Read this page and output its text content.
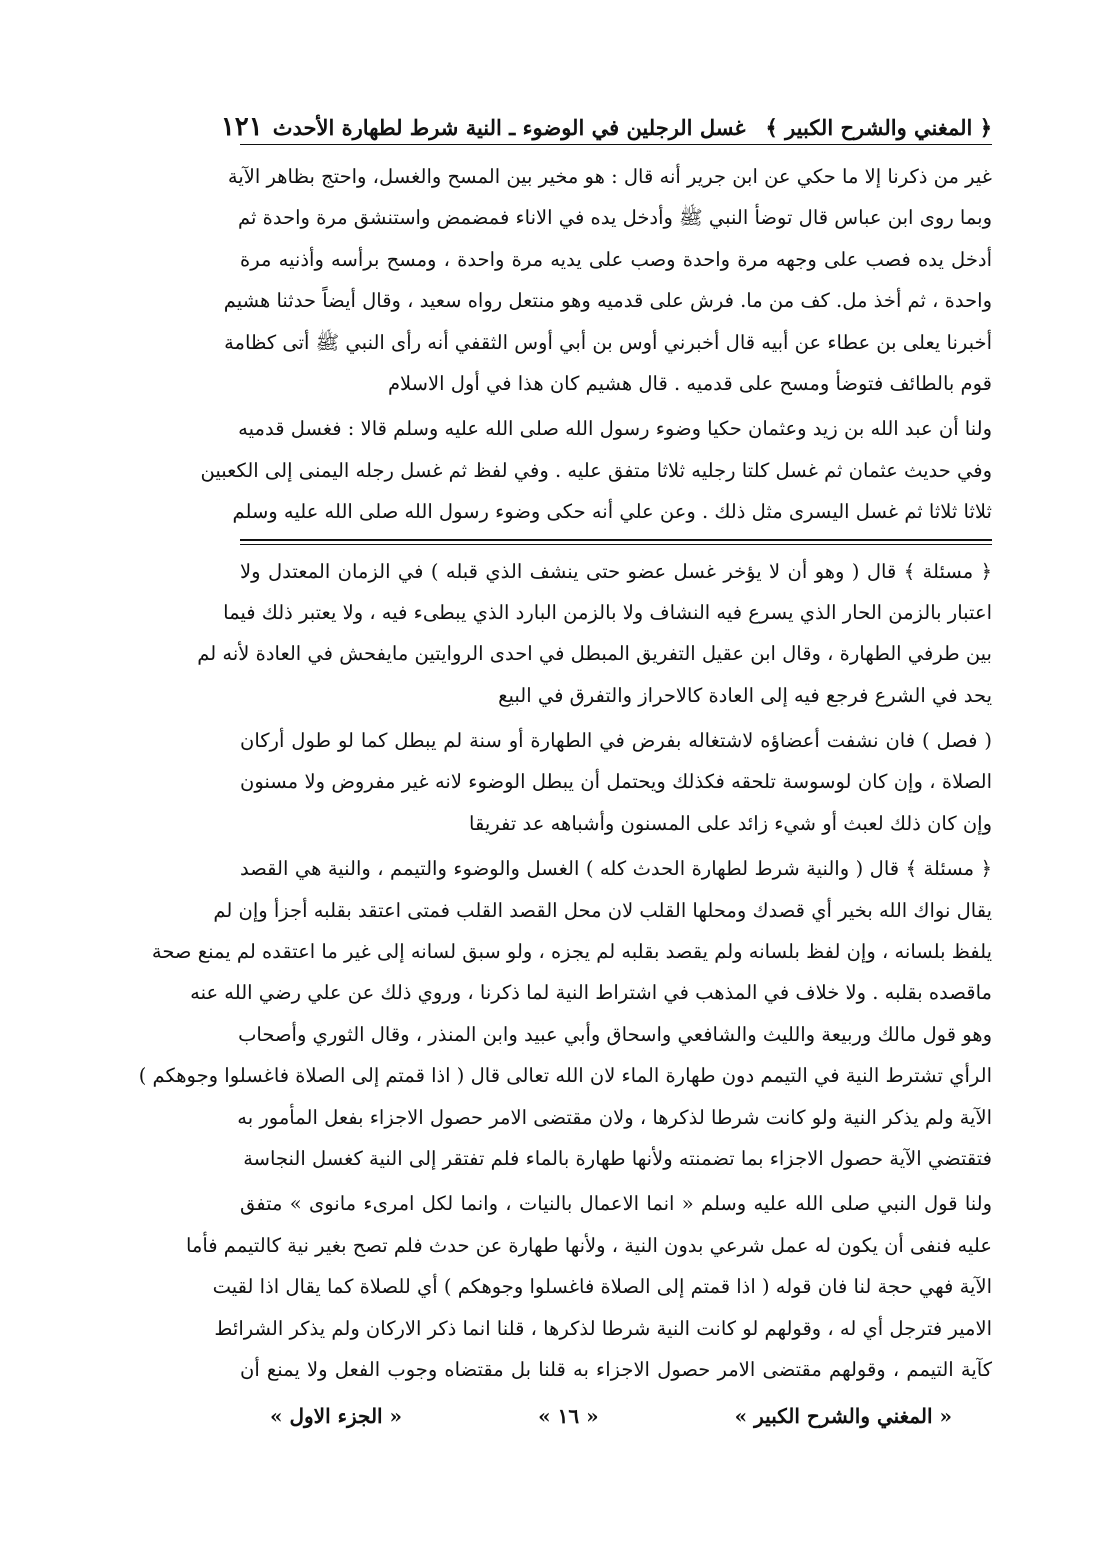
﴿ المغني والشرح الكبير ﴾
غسل الرجلين في الوضوء ـ النية شرط لطهارة الأحدث
١٢١
غير من ذكرنا إلا ما حكي عن ابن جرير أنه قال : هو مخير بين المسح والغسل، واحتج بظاهر الآية
وبما روى ابن عباس قال توضأ النبي ﷺ وأدخل يده في الاناء فمضمض واستنشق مرة واحدة ثم
أدخل يده فصب على وجهه مرة واحدة وصب على يديه مرة واحدة ، ومسح برأسه وأذنيه مرة
واحدة ، ثم أخذ مل. كف من ما. فرش على قدميه وهو منتعل رواه سعيد ، وقال أيضاً حدثنا هشيم
أخبرنا يعلى بن عطاء عن أبيه قال أخبرني أوس بن أبي أوس الثقفي أنه رأى النبي ﷺ أتى كظامة
قوم بالطائف فتوضأ ومسح على قدميه . قال هشيم كان هذا في أول الاسلام
ولنا أن عبد الله بن زيد وعثمان حكيا وضوء رسول الله صلى الله عليه وسلم قالا : فغسل قدميه
وفي حديث عثمان ثم غسل كلتا رجليه ثلاثا متفق عليه . وفي لفظ ثم غسل رجله اليمنى إلى الكعبين
ثلاثا ثلاثا ثم غسل اليسرى مثل ذلك . وعن علي أنه حكى وضوء رسول الله صلى الله عليه وسلم
﴿ مسئلة ﴾ قال ( وهو أن لا يؤخر غسل عضو حتى ينشف الذي قبله ) في الزمان المعتدل ولا
اعتبار بالزمن الحار الذي يسرع فيه النشاف ولا بالزمن البارد الذي يبطىء فيه ، ولا يعتبر ذلك فيما
بين طرفي الطهارة ، وقال ابن عقيل التفريق المبطل في احدى الروايتين مايفحش في العادة لأنه لم
يحد في الشرع فرجع فيه إلى العادة كالاحراز والتفرق في البيع
( فصل ) فان نشفت أعضاؤه لاشتغاله بفرض في الطهارة أو سنة لم يبطل كما لو طول أركان
الصلاة ، وإن كان لوسوسة تلحقه فكذلك ويحتمل أن يبطل الوضوء لانه غير مفروض ولا مسنون
وإن كان ذلك لعبث أو شيء زائد على المسنون وأشباهه عد تفريقا
﴿ مسئلة ﴾ قال ( والنية شرط لطهارة الحدث كله ) الغسل والوضوء والتيمم ، والنية هي القصد
يقال نواك الله بخير أي قصدك ومحلها القلب لان محل القصد القلب فمتى اعتقد بقلبه أجزأ وإن لم
يلفظ بلسانه ، وإن لفظ بلسانه ولم يقصد بقلبه لم يجزه ، ولو سبق لسانه إلى غير ما اعتقده لم يمنع صحة
ماقصده بقلبه . ولا خلاف في المذهب في اشتراط النية لما ذكرنا ، وروي ذلك عن علي رضي الله عنه
وهو قول مالك وربيعة والليث والشافعي واسحاق وأبي عبيد وابن المنذر ، وقال الثوري وأصحاب
الرأي تشترط النية في التيمم دون طهارة الماء لان الله تعالى قال ( اذا قمتم إلى الصلاة فاغسلوا وجوهكم )
الآية ولم يذكر النية ولو كانت شرطا لذكرها ، ولان مقتضى الامر حصول الاجزاء بفعل المأمور به
فتقتضي الآية حصول الاجزاء بما تضمنته ولأنها طهارة بالماء فلم تفتقر إلى النية كغسل النجاسة
ولنا قول النبي صلى الله عليه وسلم « انما الاعمال بالنيات ، وانما لكل امرىء مانوى » متفق
عليه فنفى أن يكون له عمل شرعي بدون النية ، ولأنها طهارة عن حدث فلم تصح بغير نية كالتيمم فأما
الآية فهي حجة لنا فان قوله ( اذا قمتم إلى الصلاة فاغسلوا وجوهكم ) أي للصلاة كما يقال اذا لقيت
الامير فترجل أي له ، وقولهم لو كانت النية شرطا لذكرها ، قلنا انما ذكر الاركان ولم يذكر الشرائط
كآية التيمم ، وقولهم مقتضى الامر حصول الاجزاء به قلنا بل مقتضاه وجوب الفعل ولا يمنع أن
« المغني والشرح الكبير »
« ١٦ »
« الجزء الاول »
